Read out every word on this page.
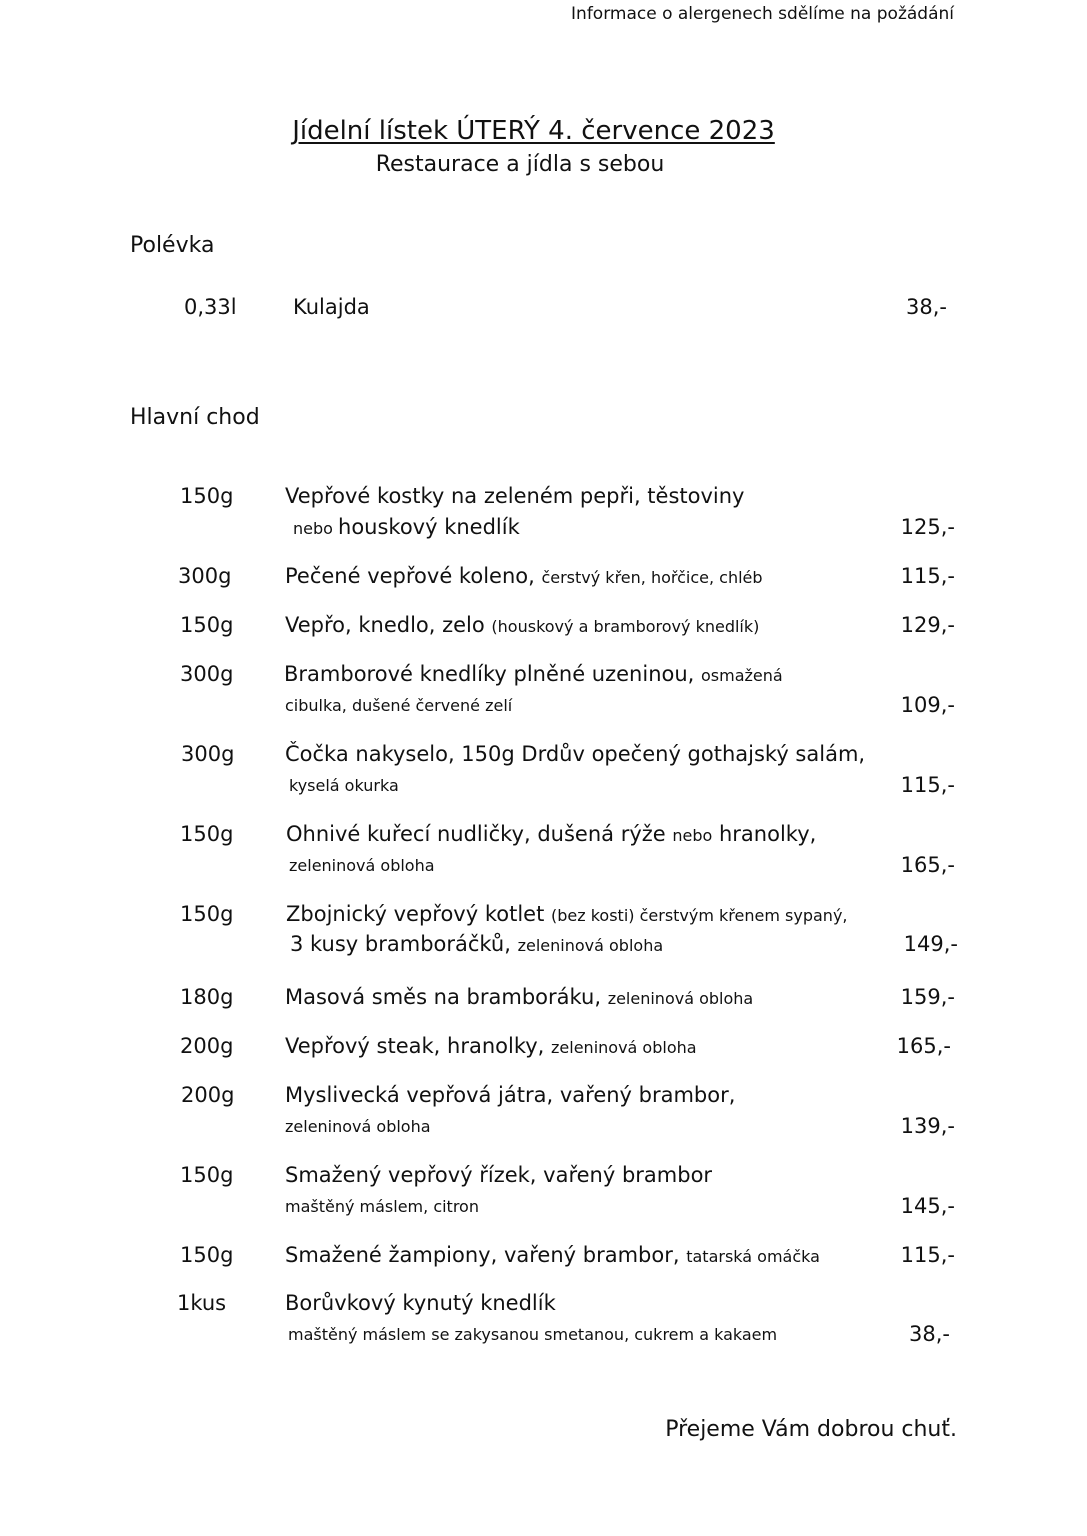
Informace o alergenech sdělíme na požádání
Jídelní lístek ÚTERÝ 4. července 2023
Restaurace a jídla s sebou
Polévka
0,33l	Kulajda	38,-
Hlavní chod
150g	Vepřové kostky na zeleném pepři, těstoviny
nebo houskový knedlík	125,-
300g	Pečené vepřové koleno, čerstvý křen, hořčice, chléb	115,-
150g	Vepřo, knedlo, zelo (houskový a bramborový knedlík)	129,-
300g	Bramborové knedlíky plněné uzeninou, osmažená
cibulka, dušené červené zelí	109,-
300g	Čočka nakyselo, 150g Drdův opečený gothajský salám,
kyselá okurka	115,-
150g	Ohnivé kuřecí nudličky, dušená rýže nebo hranolky,
zeleninová obloha	165,-
150g	Zbojnický vepřový kotlet (bez kosti) čerstvým křenem sypaný,
3 kusy bramboráčků, zeleninová obloha	149,-
180g	Masová směs na bramboráku, zeleninová obloha	159,-
200g	Vepřový steak, hranolky, zeleninová obloha	165,-
200g	Myslivecká vepřová játra, vařený brambor,
zeleninová obloha	139,-
150g	Smažený vepřový řízek, vařený brambor
maštěný máslem, citron	145,-
150g	Smažené žampiony, vařený brambor, tatarská omáčka	115,-
1kus	Borůvkový kynutý knedlík
maštěný máslem se zakysanou smetanou, cukrem a kakaem	38,-
Přejeme Vám dobrou chuť.
